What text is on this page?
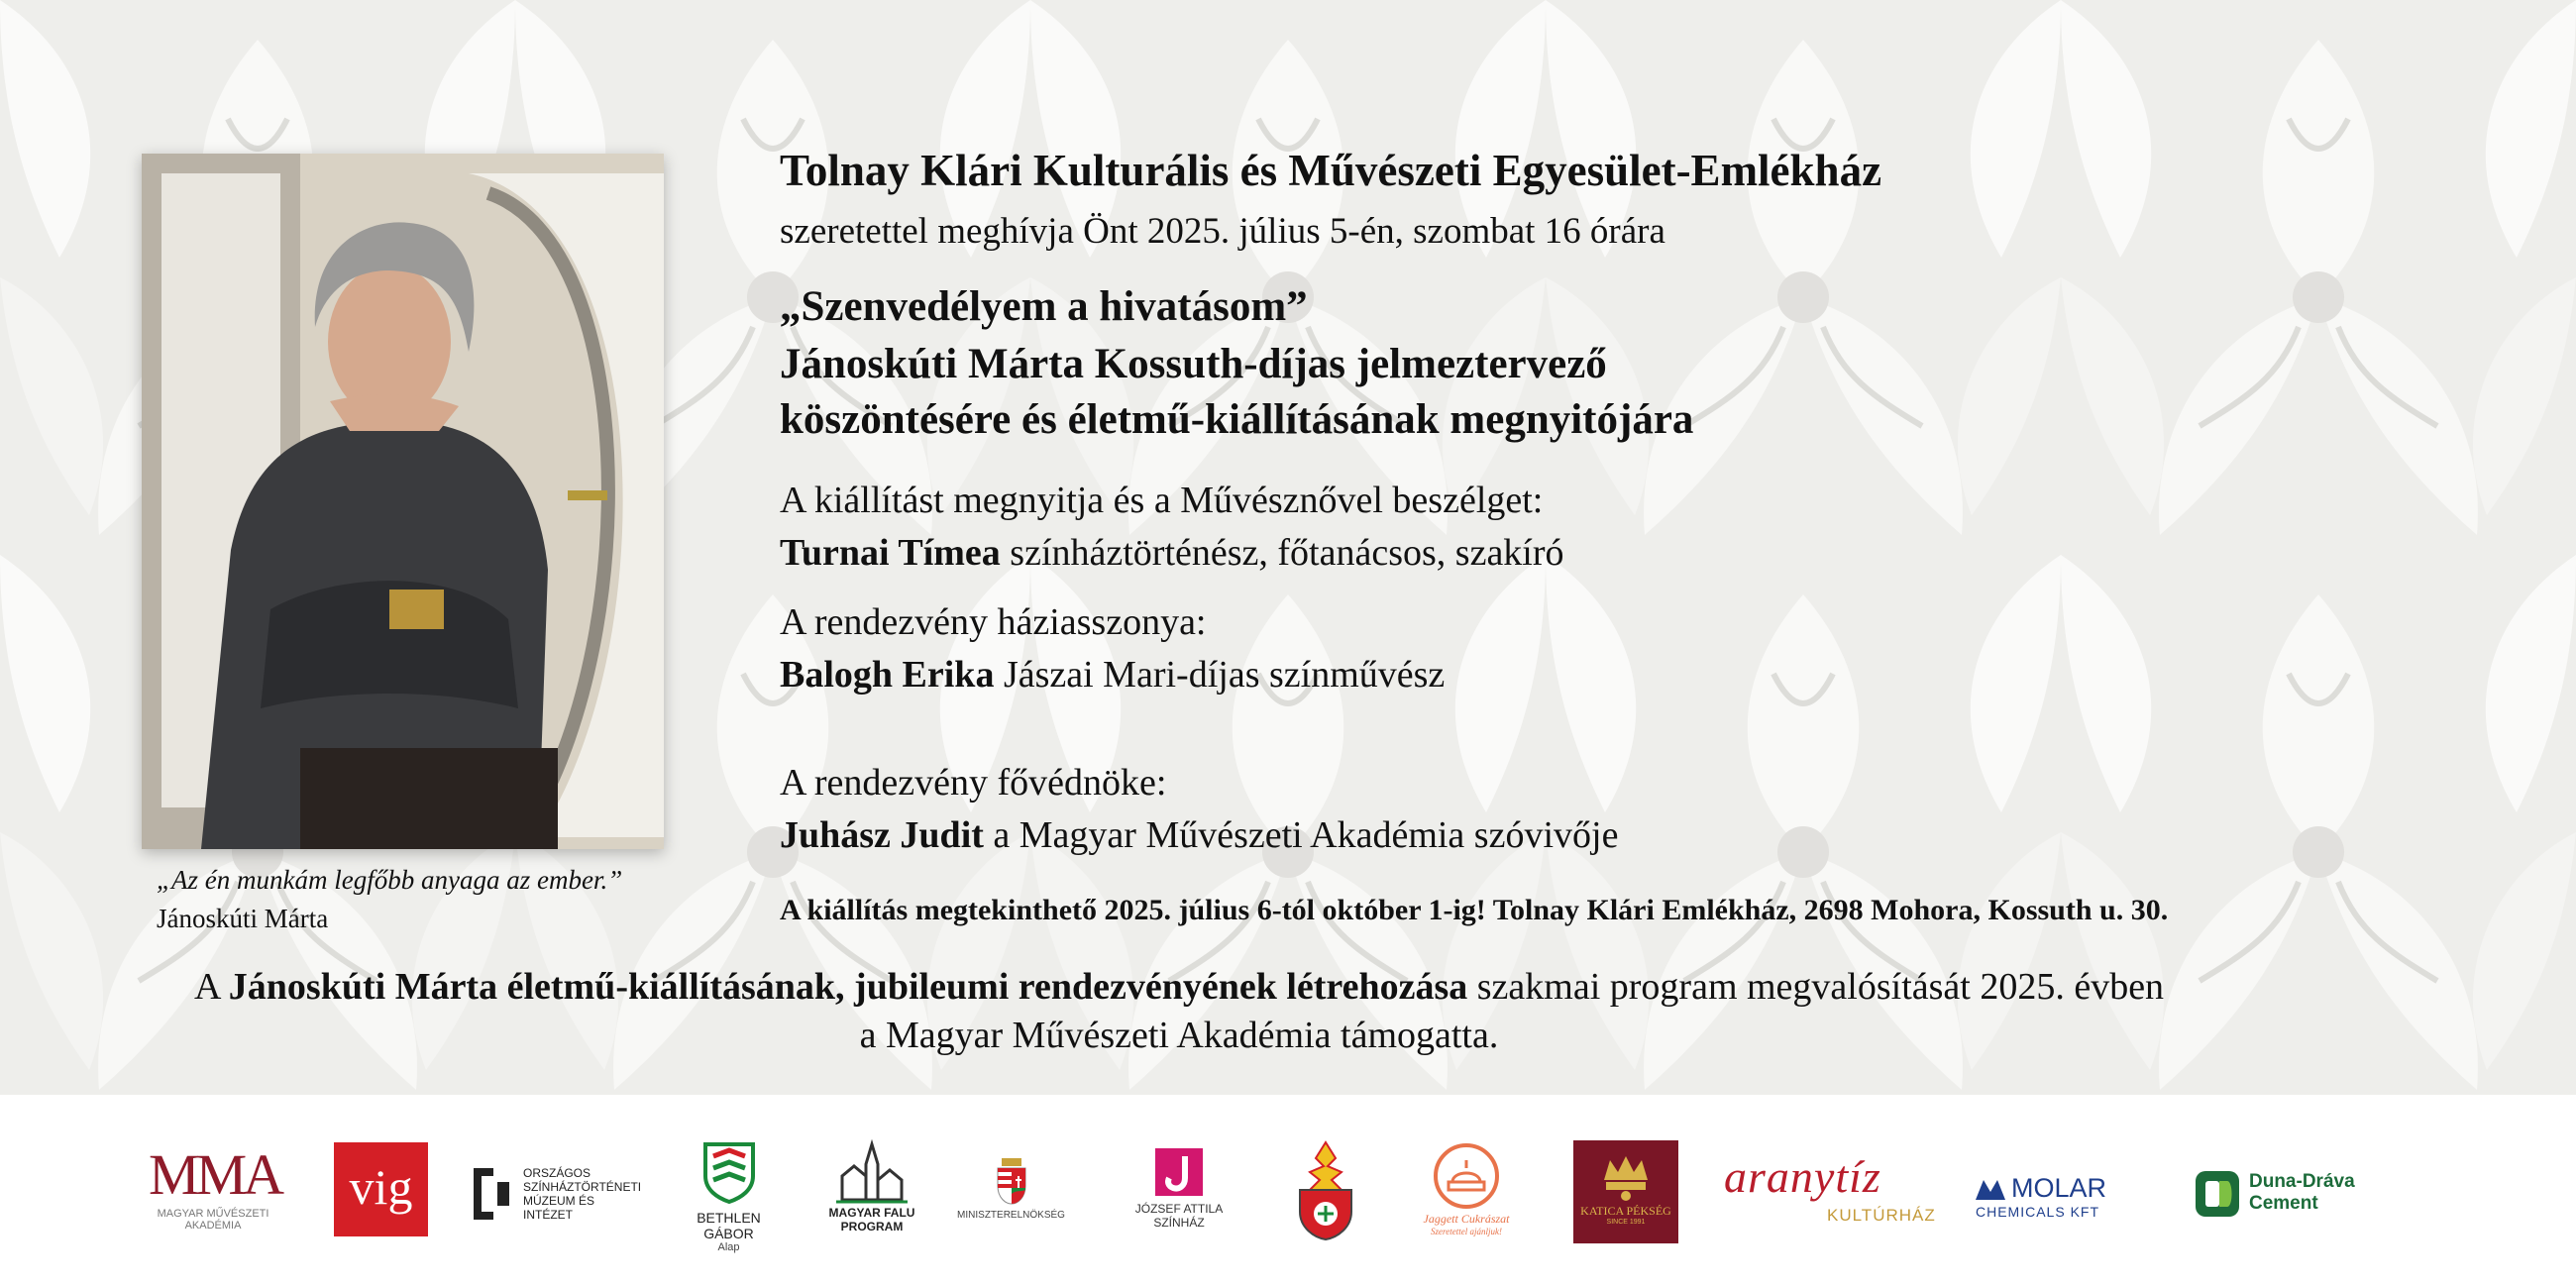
„Az én munkám legfőbb anyaga az ember.”
Jánoskúti Márta
Tolnay Klári Kulturális és Művészeti Egyesület-Emlékház
szeretettel meghívja Önt 2025. július 5-én, szombat 16 órára
„Szenvedélyem a hivatásom”
Jánoskúti Márta Kossuth-díjas jelmeztervező
köszöntésére és életmű-kiállításának megnyitójára
A kiállítást megnyitja és a Művésznővel beszélget:
Turnai Tímea színháztörténész, főtanácsos, szakíró
A rendezvény háziasszonya:
Balogh Erika Jászai Mari-díjas színművész
A rendezvény fővédnöke:
Juhász Judit a Magyar Művészeti Akadémia szóvivője
A kiállítás megtekinthető 2025. július 6-tól október 1-ig! Tolnay Klári Emlékház, 2698 Mohora, Kossuth u. 30.
A Jánoskúti Márta életmű-kiállításának, jubileumi rendezvényének létrehozása szakmai program megvalósítását 2025. évben
a Magyar Művészeti Akadémia támogatta.
MMA
MAGYAR MŰVÉSZETI
AKADÉMIA
vig	ORSZÁGOS
SZÍNHÁZTÖRTÉNETI
MÚZEUM ÉS
INTÉZET	BETHLEN GÁBOR
Alap
MAGYAR FALU
PROGRAM
MINISZTERELNÖKSÉG	JÓZSEF ATTILA
SZÍNHÁZ	Jaggett Cukrászat
Szeretettel ajánljuk!
KATICA PÉKSÉG
SINCE 1991
aranytíz
KULTÚRHÁZ
MOLAR
CHEMICALS KFT
Duna-Dráva
Cement
